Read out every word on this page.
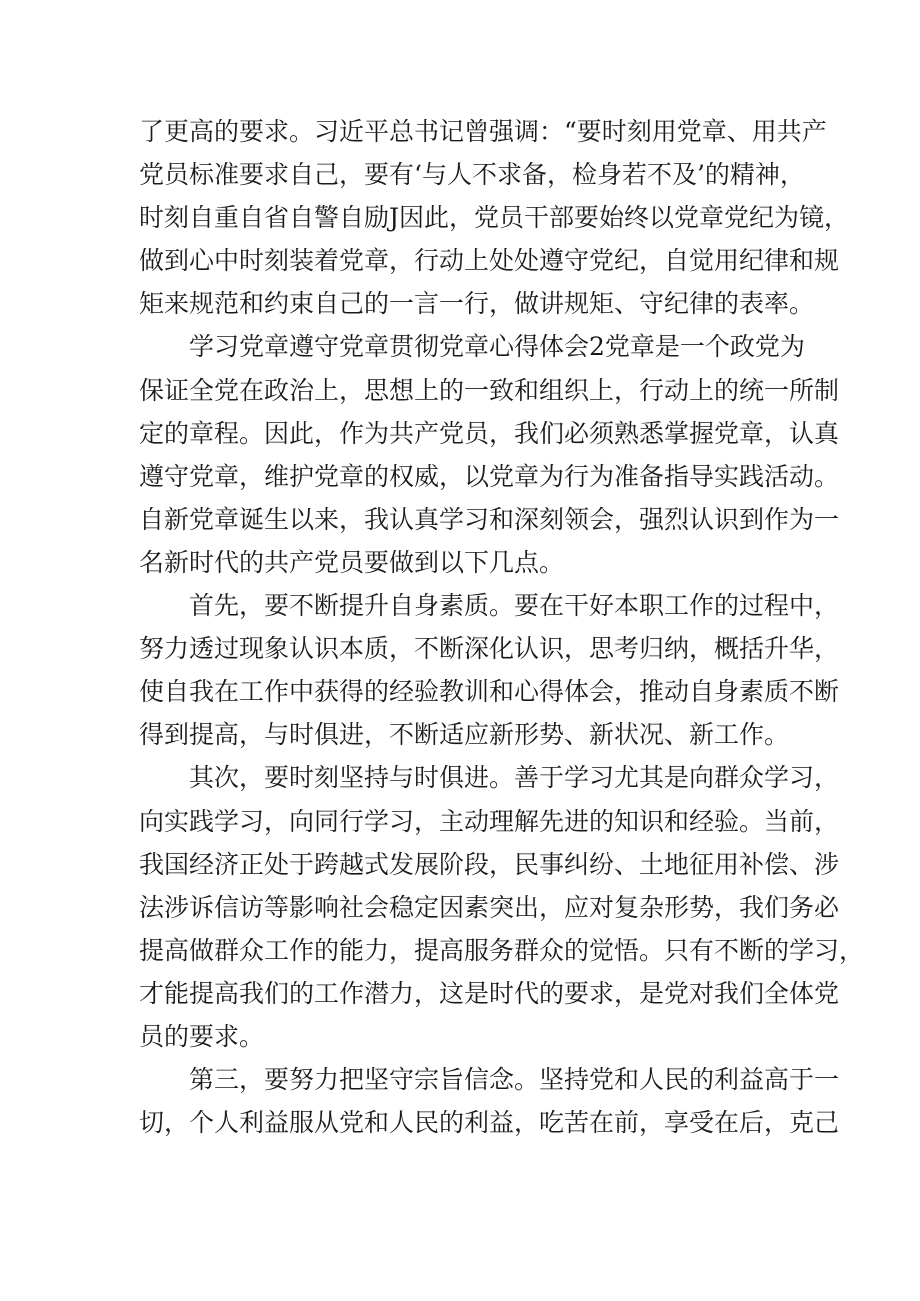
了更高的要求。习近平总书记曾强调：“要时刻用党章、用共产
党员标准要求自己，要有‘与人不求备，检身若不及’的精神，
时刻自重自省自警自励J因此，党员干部要始终以党章党纪为镜，
做到心中时刻装着党章，行动上处处遵守党纪，自觉用纪律和规
矩来规范和约束自己的一言一行，做讲规矩、守纪律的表率。
学习党章遵守党章贯彻党章心得体会2党章是一个政党为
保证全党在政治上，思想上的一致和组织上，行动上的统一所制
定的章程。因此，作为共产党员，我们必须熟悉掌握党章，认真
遵守党章，维护党章的权威，以党章为行为准备指导实践活动。
自新党章诞生以来，我认真学习和深刻领会，强烈认识到作为一
名新时代的共产党员要做到以下几点。
首先，要不断提升自身素质。要在干好本职工作的过程中，
努力透过现象认识本质，不断深化认识，思考归纳，概括升华，
使自我在工作中获得的经验教训和心得体会，推动自身素质不断
得到提高，与时俱进，不断适应新形势、新状况、新工作。
其次，要时刻坚持与时俱进。善于学习尤其是向群众学习，
向实践学习，向同行学习，主动理解先进的知识和经验。当前，
我国经济正处于跨越式发展阶段，民事纠纷、土地征用补偿、涉
法涉诉信访等影响社会稳定因素突出，应对复杂形势，我们务必
提高做群众工作的能力，提高服务群众的觉悟。只有不断的学习，
才能提高我们的工作潜力，这是时代的要求，是党对我们全体党
员的要求。
第三，要努力把坚守宗旨信念。坚持党和人民的利益高于一
切，个人利益服从党和人民的利益，吃苦在前，享受在后，克己
